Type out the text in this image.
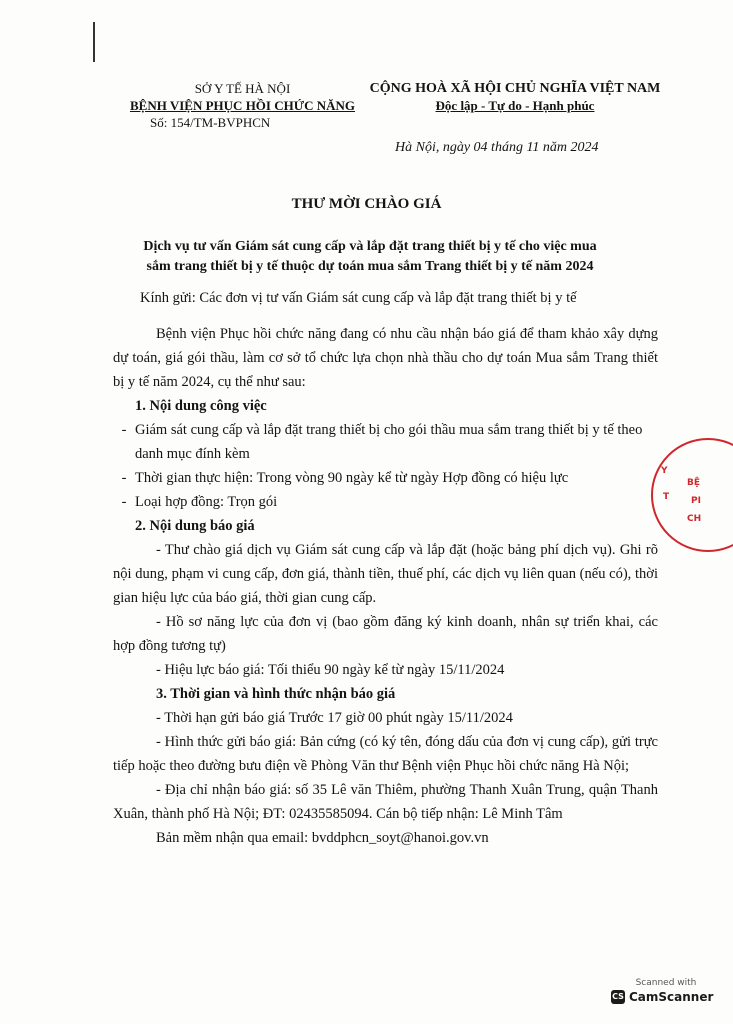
SỞ Y TẾ HÀ NỘI
BỆNH VIỆN PHỤC HỒI CHỨC NĂNG
Số: 154/TM-BVPHCN
CỘNG HOÀ XÃ HỘI CHỦ NGHĨA VIỆT NAM
Độc lập - Tự do - Hạnh phúc
Hà Nội, ngày 04 tháng 11 năm 2024
THƯ MỜI CHÀO GIÁ
Dịch vụ tư vấn Giám sát cung cấp và lắp đặt trang thiết bị y tế cho việc mua
sắm trang thiết bị y tế thuộc dự toán mua sắm Trang thiết bị y tế năm 2024
Kính gửi: Các đơn vị tư vấn Giám sát cung cấp và lắp đặt trang thiết bị y tế

Bệnh viện Phục hồi chức năng đang có nhu cầu nhận báo giá để tham khảo xây dựng dự toán, giá gói thầu, làm cơ sở tổ chức lựa chọn nhà thầu cho dự toán Mua sắm Trang thiết bị y tế năm 2024, cụ thể như sau:

1. Nội dung công việc

- Giám sát cung cấp và lắp đặt trang thiết bị cho gói thầu mua sắm trang thiết bị y tế theo danh mục đính kèm
- Thời gian thực hiện: Trong vòng 90 ngày kể từ ngày Hợp đồng có hiệu lực
- Loại hợp đồng: Trọn gói

2. Nội dung báo giá

- Thư chào giá dịch vụ Giám sát cung cấp và lắp đặt (hoặc bảng phí dịch vụ). Ghi rõ nội dung, phạm vi cung cấp, đơn giá, thành tiền, thuế phí, các dịch vụ liên quan (nếu có), thời gian hiệu lực của báo giá, thời gian cung cấp.

- Hồ sơ năng lực của đơn vị (bao gồm đăng ký kinh doanh, nhân sự triển khai, các hợp đồng tương tự)

- Hiệu lực báo giá: Tối thiểu 90 ngày kể từ ngày 15/11/2024

3. Thời gian và hình thức nhận báo giá

- Thời hạn gửi báo giá Trước 17 giờ 00 phút ngày 15/11/2024

- Hình thức gửi báo giá: Bản cứng (có ký tên, đóng dấu của đơn vị cung cấp), gửi trực tiếp hoặc theo đường bưu điện về Phòng Văn thư Bệnh viện Phục hồi chức năng Hà Nội;

- Địa chỉ nhận báo giá: số 35 Lê văn Thiêm, phường Thanh Xuân Trung, quận Thanh Xuân, thành phố Hà Nội; ĐT: 02435585094. Cán bộ tiếp nhận: Lê Minh Tâm

Bản mềm nhận qua email: bvddphcn_soyt@hanoi.gov.vn

Y
T
BỆ
PI
CH
Scanned with
CS CamScanner
